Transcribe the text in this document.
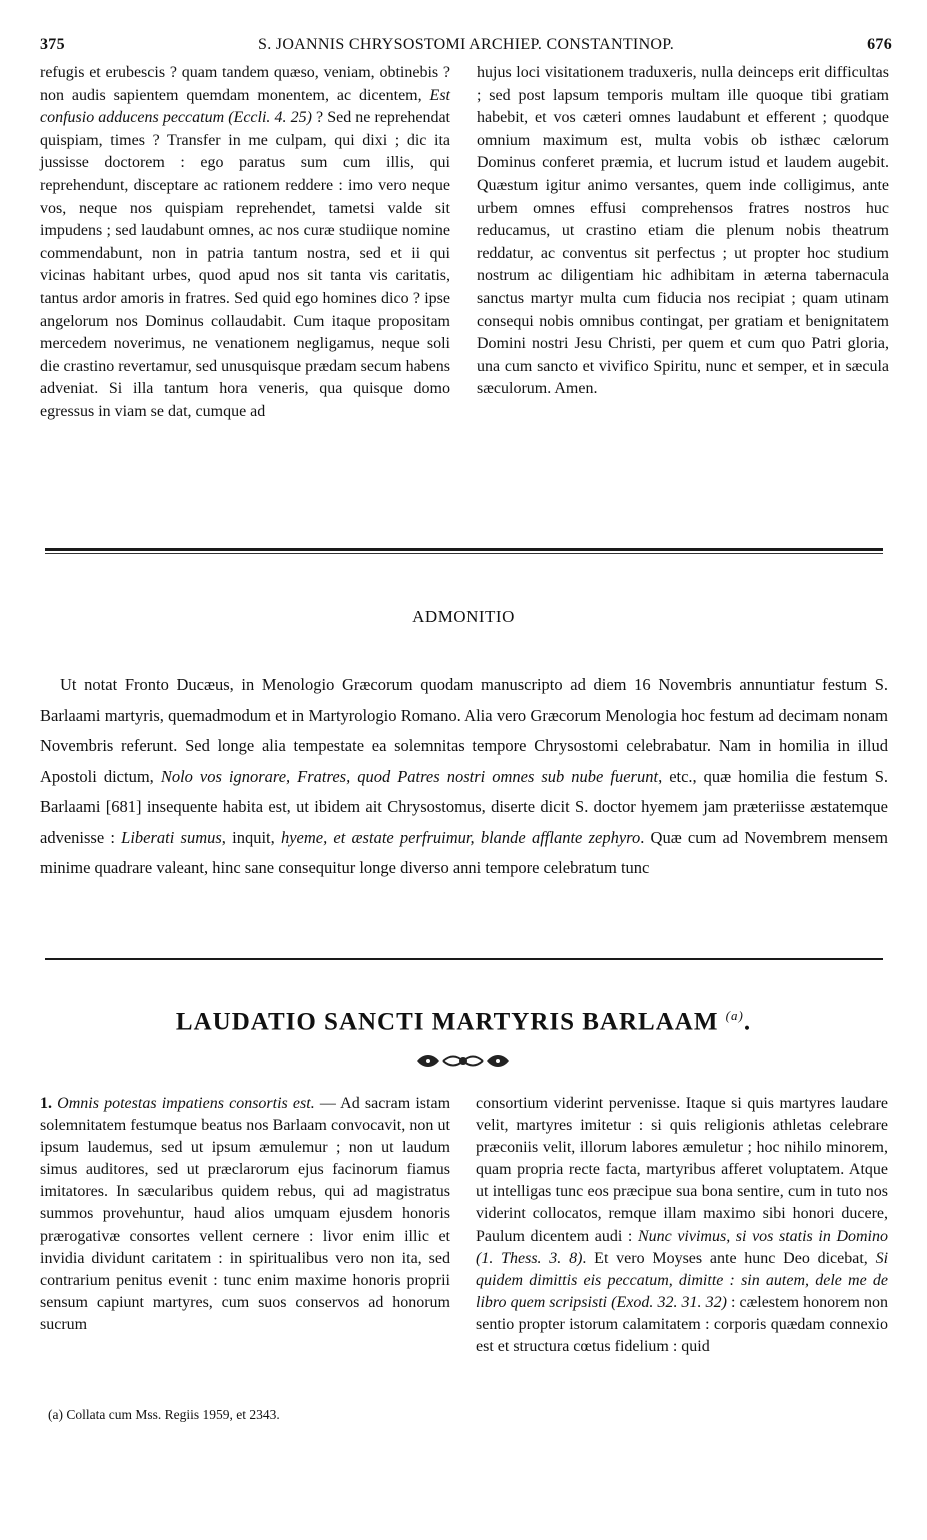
375	S. JOANNIS CHRYSOSTOMI ARCHIEP. CONSTANTINOP.	676

refugis et erubescis ? quam tandem quæso, veniam, obtinebis ? non audis sapientem quemdam monentem, ac dicentem, Est confusio adducens peccatum (Eccli. 4. 25) ? Sed ne reprehendat quispiam, times ? Transfer in me culpam, qui dixi ; dic ita jussisse doctorem : ego paratus sum cum illis, qui reprehendunt, disceptare ac rationem reddere : imo vero neque vos, neque nos quispiam reprehendet, tametsi valde sit impudens ; sed laudabunt omnes, ac nos curæ studiique nomine commendabunt, non in patria tantum nostra, sed et ii qui vicinas habitant urbes, quod apud nos sit tanta vis caritatis, tantus ardor amoris in fratres. Sed quid ego homines dico ? ipse angelorum nos Dominus collaudabit. Cum itaque propositam mercedem noverimus, ne venationem negligamus, neque soli die crastino revertamur, sed unusquisque prædam secum habens adveniat. Si illa tantum hora veneris, qua quisque domo egressus in viam se dat, cumque ad

hujus loci visitationem traduxeris, nulla deinceps erit difficultas ; sed post lapsum temporis multam ille quoque tibi gratiam habebit, et vos cæteri omnes laudabunt et efferent ; quodque omnium maximum est, multa vobis ob isthæc cælorum Dominus conferet præmia, et lucrum istud et laudem augebit. Quæstum igitur animo versantes, quem inde colligimus, ante urbem omnes effusi comprehensos fratres nostros huc reducamus, ut crastino etiam die plenum nobis theatrum reddatur, ac conventus sit perfectus ; ut propter hoc studium nostrum ac diligentiam hic adhibitam in æterna tabernacula sanctus martyr multa cum fiducia nos recipiat ; quam utinam consequi nobis omnibus contingat, per gratiam et benignitatem Domini nostri Jesu Christi, per quem et cum quo Patri gloria, una cum sancto et vivifico Spiritu, nunc et semper, et in sæcula sæculorum. Amen.

ADMONITIO

Ut notat Fronto Ducæus, in Menologio Græcorum quodam manuscripto ad diem 16 Novembris annuntiatur festum S. Barlaami martyris, quemadmodum et in Martyrologio Romano. Alia vero Græcorum Menologia hoc festum ad decimam nonam Novembris referunt. Sed longe alia tempestate ea solemnitas tempore Chrysostomi celebrabatur. Nam in homilia in illud Apostoli dictum, Nolo vos ignorare, Fratres, quod Patres nostri omnes sub nube fuerunt, etc., quæ homilia die festum S. Barlaami [681] insequente habita est, ut ibidem ait Chrysostomus, diserte dicit S. doctor hyemem jam præteriisse æstatemque advenisse : Liberati sumus, inquit, hyeme, et æstate perfruimur, blande afflante zephyro. Quæ cum ad Novembrem mensem minime quadrare valeant, hinc sane consequitur longe diverso anni tempore celebratum tunc

LAUDATIO SANCTI MARTYRIS BARLAAM $^{(a)}$.

1. Omnis potestas impatiens consortis est. — Ad sacram istam solemnitatem festumque beatus nos Barlaam convocavit, non ut ipsum laudemus, sed ut ipsum æmulemur ; non ut laudum simus auditores, sed ut præclarorum ejus facinorum fiamus imitatores. In sæcularibus quidem rebus, qui ad magistratus summos provehuntur, haud alios umquam ejusdem honoris prærogativæ consortes vellent cernere : livor enim illic et invidia dividunt caritatem : in spiritualibus vero non ita, sed contrarium penitus evenit : tunc enim maxime honoris proprii sensum capiunt martyres, cum suos conservos ad honorum sucrum

(a) Collata cum Mss. Regiis 1959, et 2343.

consortium viderint pervenisse. Itaque si quis martyres laudare velit, martyres imitetur : si quis religionis athletas celebrare præconiis velit, illorum labores æmuletur ; hoc nihilo minorem, quam propria recte facta, martyribus afferet voluptatem. Atque ut intelligas tunc eos præcipue sua bona sentire, cum in tuto nos viderint collocatos, remque illam maximo sibi honori ducere, Paulum dicentem audi : Nunc vivimus, si vos statis in Domino (1. Thess. 3. 8). Et vero Moyses ante hunc Deo dicebat, Si quidem dimittis eis peccatum, dimitte : sin autem, dele me de libro quem scripsisti (Exod. 32. 31. 32) : cælestem honorem non sentio propter istorum calamitatem : corporis quædam connexio est et structura cœtus fidelium : quid
